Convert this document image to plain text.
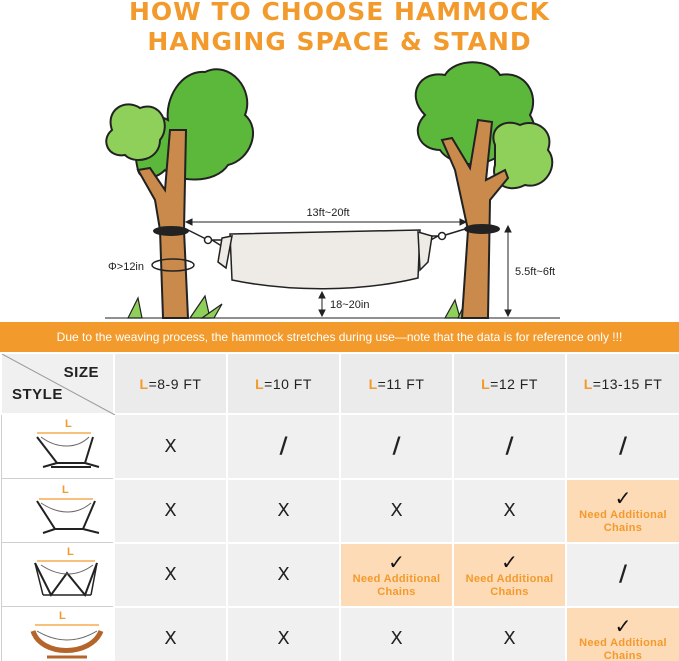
HOW TO CHOOSE HAMMOCK
HANGING SPACE & STAND
13ft~20ft
Φ>12in
18~20in
5.5ft~6ft
Due to the weaving process, the hammock stretches during use—note that the data is for reference only !!!
SIZE
STYLE	L=8-9 FT	L=10 FT	L=11 FT	L=12 FT	L=13-15 FT

L	X	/	/	/	/

L	X	X	X	X	✓
Need Additional
Chains

L	X	X	✓
Need Additional
Chains	✓
Need Additional
Chains	/

L	X	X	X	X	✓
Need Additional
Chains
